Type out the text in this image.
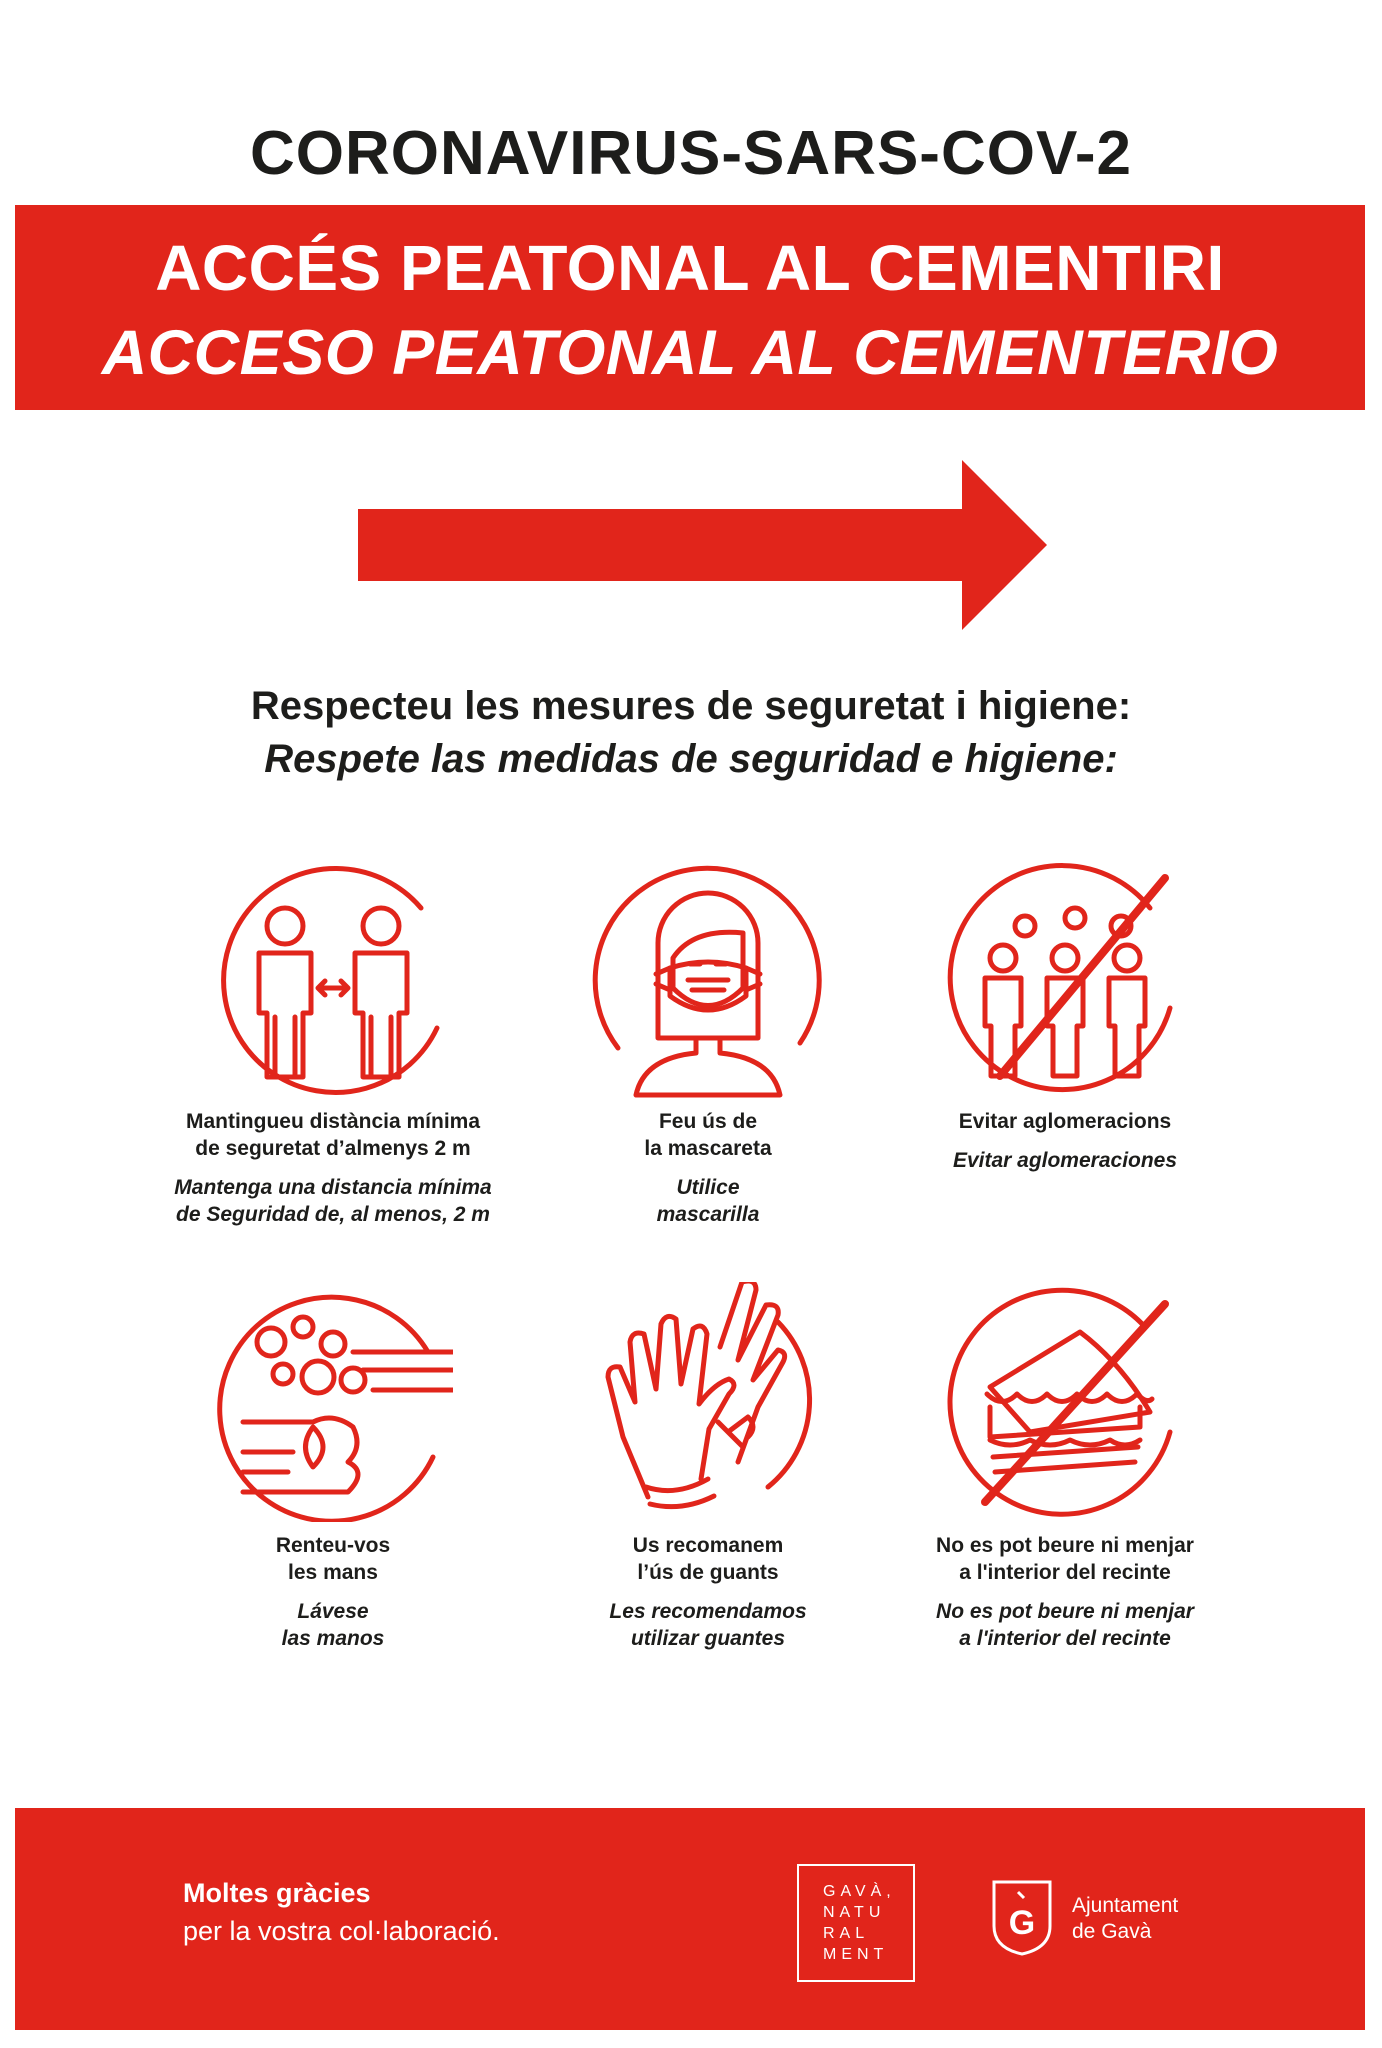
CORONAVIRUS-SARS-COV-2
ACCÉS PEATONAL AL CEMENTIRI
ACCESO PEATONAL AL CEMENTERIO
Respecteu les mesures de seguretat i higiene:
Respete las medidas de seguridad e higiene:
Mantingueu distància mínima
de seguretat d’almenys 2 m
Mantenga una distancia mínima
de Seguridad de, al menos, 2 m
Feu ús de
la mascareta
Utilice
mascarilla
Evitar aglomeracions
Evitar aglomeraciones
Renteu-vos
les mans
Lávese
las manos
Us recomanem
l’ús de guants
Les recomendamos
utilizar guantes
No es pot beure ni menjar
a l'interior del recinte
No es pot beure ni menjar
a l'interior del recinte
Moltes gràcies
per la vostra col·laboració.
GAVÀ,
NATU
RAL
MENT
G Ajuntament
de Gavà
